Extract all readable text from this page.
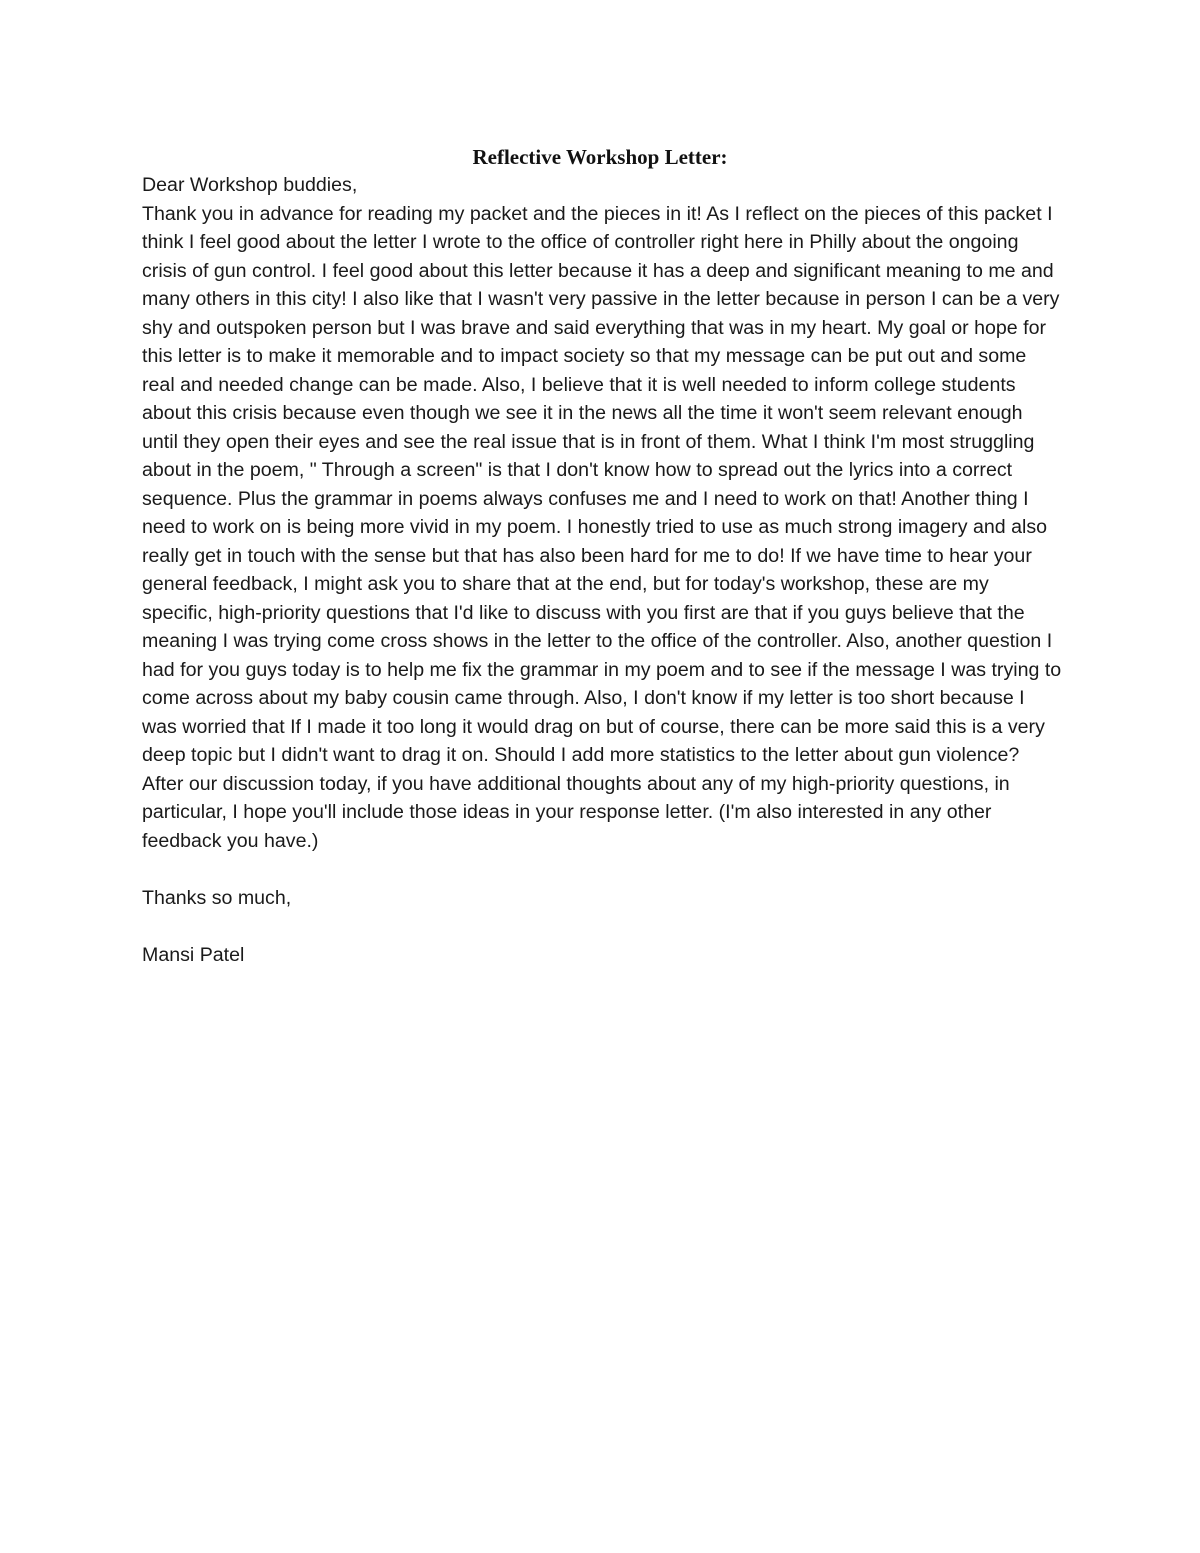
Reflective Workshop Letter:

Dear Workshop buddies,

Thank you in advance for reading my packet and the pieces in it! As I reflect on the pieces of this packet I think I feel good about the letter I wrote to the office of controller right here in Philly about the ongoing crisis of gun control. I feel good about this letter because it has a deep and significant meaning to me and many others in this city! I also like that I wasn't very passive in the letter because in person I can be a very shy and outspoken person but I was brave and said everything that was in my heart. My goal or hope for this letter is to make it memorable and to impact society so that my message can be put out and some real and needed change can be made. Also, I believe that it is well needed to inform college students about this crisis because even though we see it in the news all the time it won't seem relevant enough until they open their eyes and see the real issue that is in front of them. What I think I'm most struggling about in the poem, " Through a screen" is that I don't know how to spread out the lyrics into a correct sequence. Plus the grammar in poems always confuses me and I need to work on that! Another thing I need to work on is being more vivid in my poem. I honestly tried to use as much strong imagery and also really get in touch with the sense but that has also been hard for me to do! If we have time to hear your general feedback, I might ask you to share that at the end, but for today's workshop, these are my specific, high-priority questions that I'd like to discuss with you first are that if you guys believe that the meaning I was trying come cross shows in the letter to the office of the controller. Also, another question I had for you guys today is to help me fix the grammar in my poem and to see if the message I was trying to come across about my baby cousin came through. Also, I don't know if my letter is too short because I was worried that If I made it too long it would drag on but of course, there can be more said this is a very deep topic but I didn't want to drag it on. Should I add more statistics to the letter about gun violence? After our discussion today, if you have additional thoughts about any of my high-priority questions, in particular, I hope you'll include those ideas in your response letter. (I'm also interested in any other feedback you have.)

Thanks so much,

Mansi Patel
